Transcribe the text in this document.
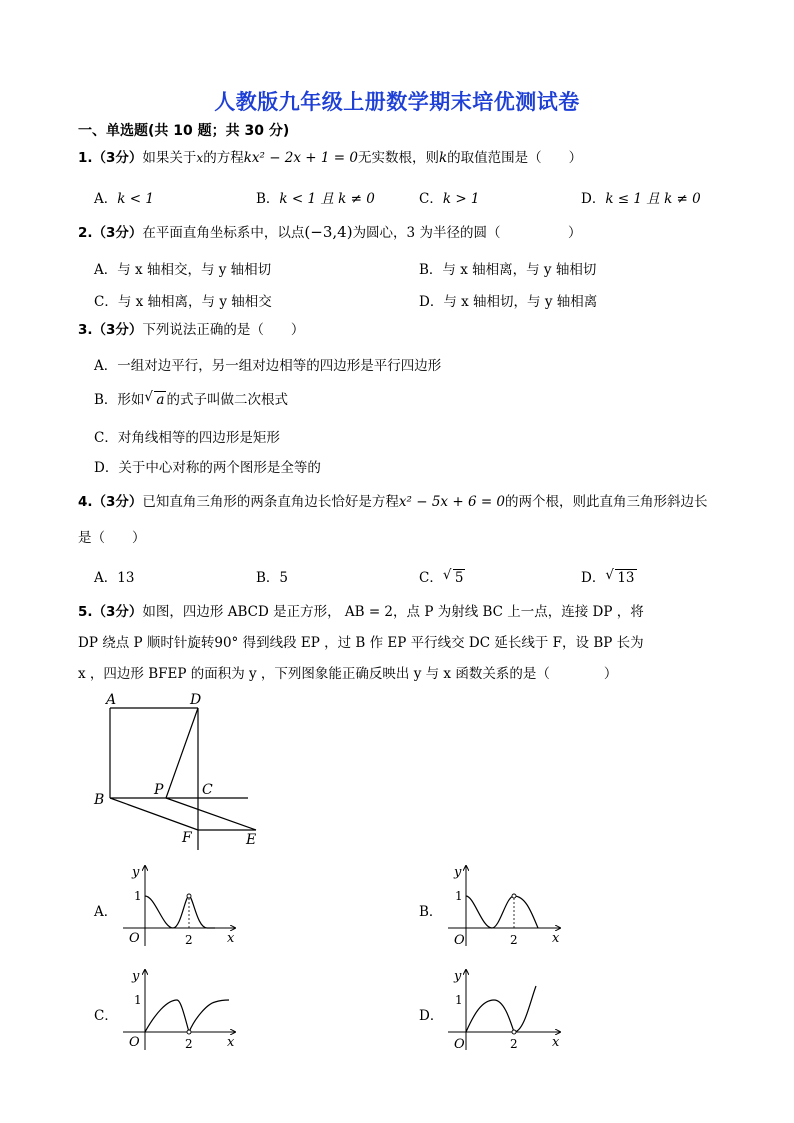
人教版九年级上册数学期末培优测试卷
一、单选题(共 10 题；共 30 分)
1.（3分）如果关于x的方程kx² − 2x + 1 = 0无实数根，则k的取值范围是（　　）
A．k < 1	B．k < 1 且 k ≠ 0	C．k > 1	D．k ≤ 1 且 k ≠ 0
2.（3分）在平面直角坐标系中，以点(−3,4)为圆心，3 为半径的圆（　　　　　）
A．与 x 轴相交，与 y 轴相切	B．与 x 轴相离，与 y 轴相切
C．与 x 轴相离，与 y 轴相交	D．与 x 轴相切，与 y 轴相离
3.（3分）下列说法正确的是（　　）
A．一组对边平行，另一组对边相等的四边形是平行四边形
B．形如 √ a 的式子叫做二次根式
C．对角线相等的四边形是矩形
D．关于中心对称的两个图形是全等的
4.（3分）已知直角三角形的两条直角边长恰好是方程x² − 5x + 6 = 0的两个根，则此直角三角形斜边长
是（　　）
A．13	B．5	C． √ 5	D． √ 13
5.（3分）如图，四边形 ABCD 是正方形， AB = 2，点 P 为射线 BC 上一点，连接 DP ，将
DP 绕点 P 顺时针旋转90° 得到线段 EP ，过 B 作 EP 平行线交 DC 延长线于 F，设 BP 长为
x ，四边形 BFEP 的面积为 y ，下列图象能正确反映出 y 与 x 函数关系的是（　　　　）
A	D
B
P	C
F	E
A．
y
x
O
1
2
B．
y
x
O
1
2
C．
y
x
O
1
2
D．
y
x
O
1
2
